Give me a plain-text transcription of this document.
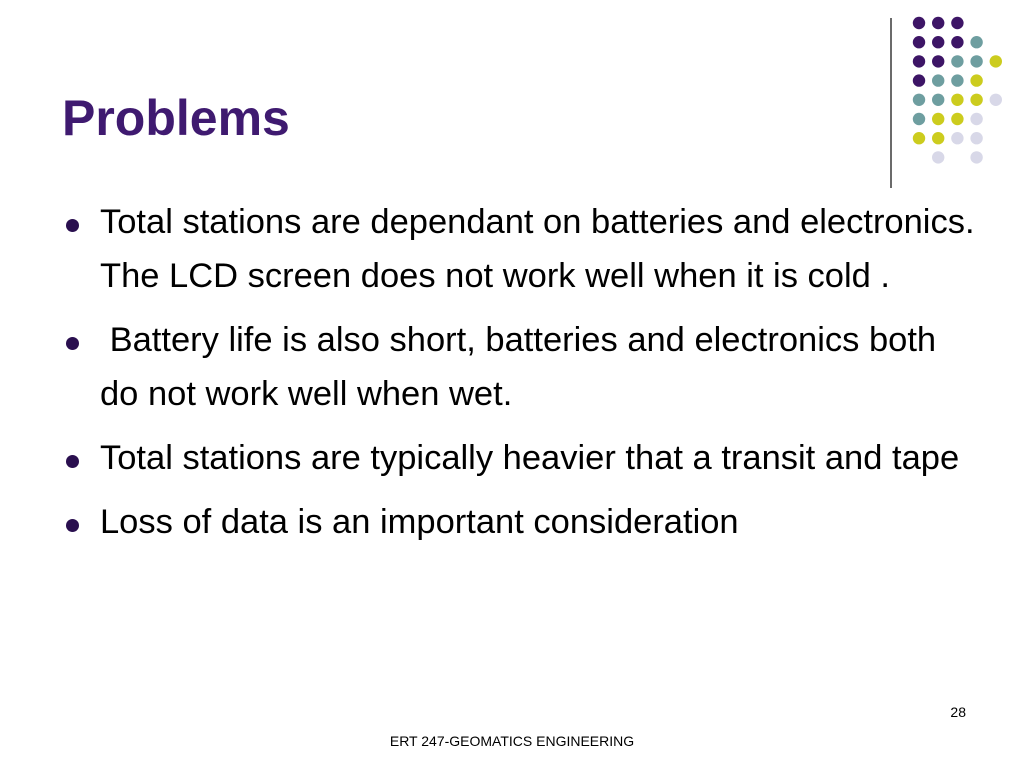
Problems
Total stations are dependant on batteries and electronics. The LCD screen does not work well when it is cold .
Battery life is also short, batteries and electronics both do not work well when wet.
Total stations are typically heavier that a transit and tape
Loss of data is an important consideration
28
ERT 247-GEOMATICS ENGINEERING
